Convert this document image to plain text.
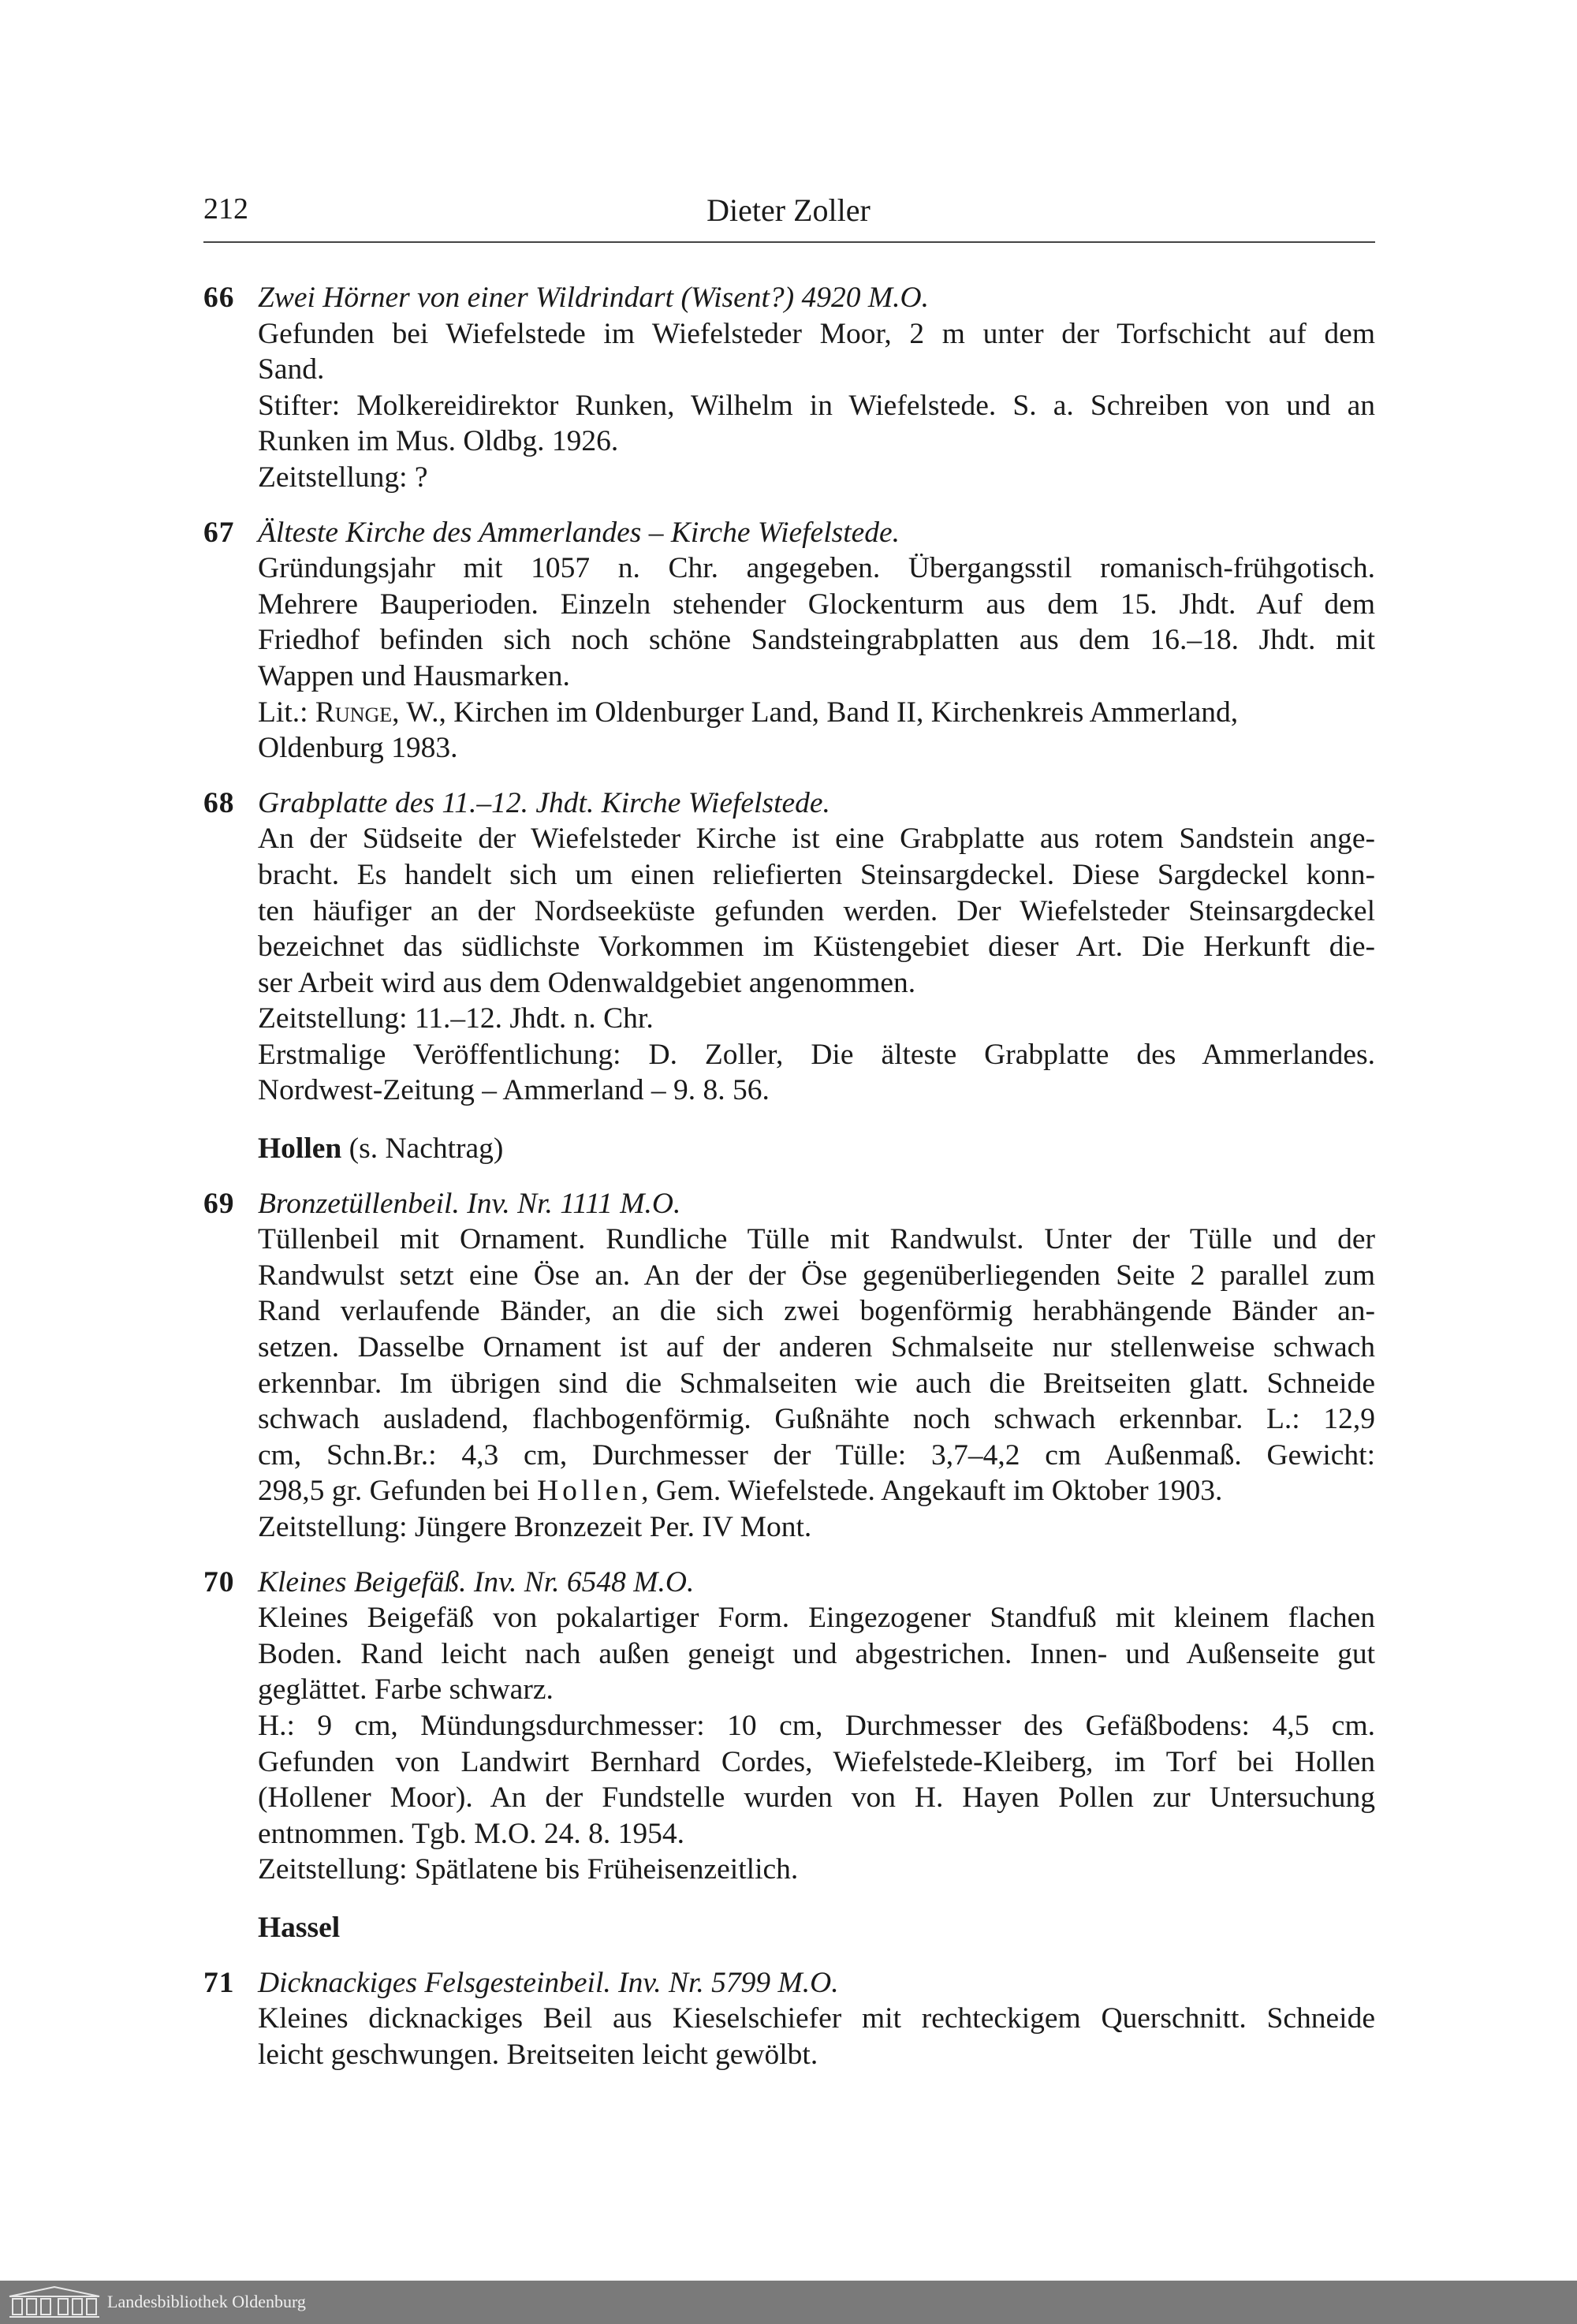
212	Dieter Zoller
66 Zwei Hörner von einer Wildrindart (Wisent?) 4920 M.O.
Gefunden bei Wiefelstede im Wiefelsteder Moor, 2 m unter der Torfschicht auf dem
Sand.
Stifter: Molkereidirektor Runken, Wilhelm in Wiefelstede. S. a. Schreiben von und an
Runken im Mus. Oldbg. 1926.
Zeitstellung: ?
67 Älteste Kirche des Ammerlandes – Kirche Wiefelstede.
Gründungsjahr mit 1057 n. Chr. angegeben. Übergangsstil romanisch-frühgotisch.
Mehrere Bauperioden. Einzeln stehender Glockenturm aus dem 15. Jhdt. Auf dem
Friedhof befinden sich noch schöne Sandsteingrabplatten aus dem 16.–18. Jhdt. mit
Wappen und Hausmarken.
Lit.: Runge, W., Kirchen im Oldenburger Land, Band II, Kirchenkreis Ammerland,
Oldenburg 1983.
68 Grabplatte des 11.–12. Jhdt. Kirche Wiefelstede.
An der Südseite der Wiefelsteder Kirche ist eine Grabplatte aus rotem Sandstein ange-
bracht. Es handelt sich um einen reliefierten Steinsargdeckel. Diese Sargdeckel konn-
ten häufiger an der Nordseeküste gefunden werden. Der Wiefelsteder Steinsargdeckel
bezeichnet das südlichste Vorkommen im Küstengebiet dieser Art. Die Herkunft die-
ser Arbeit wird aus dem Odenwaldgebiet angenommen.
Zeitstellung: 11.–12. Jhdt. n. Chr.
Erstmalige Veröffentlichung: D. Zoller, Die älteste Grabplatte des Ammerlandes.
Nordwest-Zeitung – Ammerland – 9. 8. 56.
Hollen (s. Nachtrag)
69 Bronzetüllenbeil. Inv. Nr. 1111 M.O.
Tüllenbeil mit Ornament. Rundliche Tülle mit Randwulst. Unter der Tülle und der
Randwulst setzt eine Öse an. An der der Öse gegenüberliegenden Seite 2 parallel zum
Rand verlaufende Bänder, an die sich zwei bogenförmig herabhängende Bänder an-
setzen. Dasselbe Ornament ist auf der anderen Schmalseite nur stellenweise schwach
erkennbar. Im übrigen sind die Schmalseiten wie auch die Breitseiten glatt. Schneide
schwach ausladend, flachbogenförmig. Gußnähte noch schwach erkennbar. L.: 12,9
cm, Schn.Br.: 4,3 cm, Durchmesser der Tülle: 3,7–4,2 cm Außenmaß. Gewicht:
298,5 gr. Gefunden bei Hollen, Gem. Wiefelstede. Angekauft im Oktober 1903.
Zeitstellung: Jüngere Bronzezeit Per. IV Mont.
70 Kleines Beigefäß. Inv. Nr. 6548 M.O.
Kleines Beigefäß von pokalartiger Form. Eingezogener Standfuß mit kleinem flachen
Boden. Rand leicht nach außen geneigt und abgestrichen. Innen- und Außenseite gut
geglättet. Farbe schwarz.
H.: 9 cm, Mündungsdurchmesser: 10 cm, Durchmesser des Gefäßbodens: 4,5 cm.
Gefunden von Landwirt Bernhard Cordes, Wiefelstede-Kleiberg, im Torf bei Hollen
(Hollener Moor). An der Fundstelle wurden von H. Hayen Pollen zur Untersuchung
entnommen. Tgb. M.O. 24. 8. 1954.
Zeitstellung: Spätlatene bis Früheisenzeitlich.
Hassel
71 Dicknackiges Felsgesteinbeil. Inv. Nr. 5799 M.O.
Kleines dicknackiges Beil aus Kieselschiefer mit rechteckigem Querschnitt. Schneide
leicht geschwungen. Breitseiten leicht gewölbt.
Landesbibliothek Oldenburg
